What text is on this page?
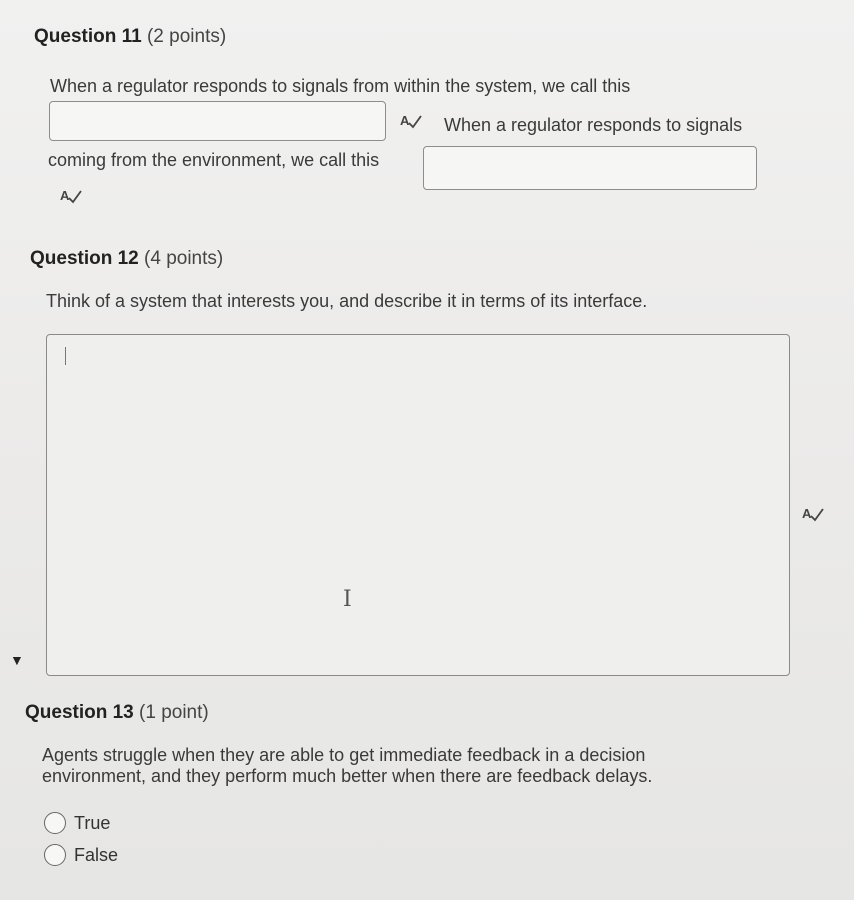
Question 11 (2 points)
When a regulator responds to signals from within the system, we call this
A When a regulator responds to signals
coming from the environment, we call this
A
Question 12 (4 points)
Think of a system that interests you, and describe it in terms of its interface.
I
A
▼
Question 13 (1 point)
Agents struggle when they are able to get immediate feedback in a decision
environment, and they perform much better when there are feedback delays.
True
False
